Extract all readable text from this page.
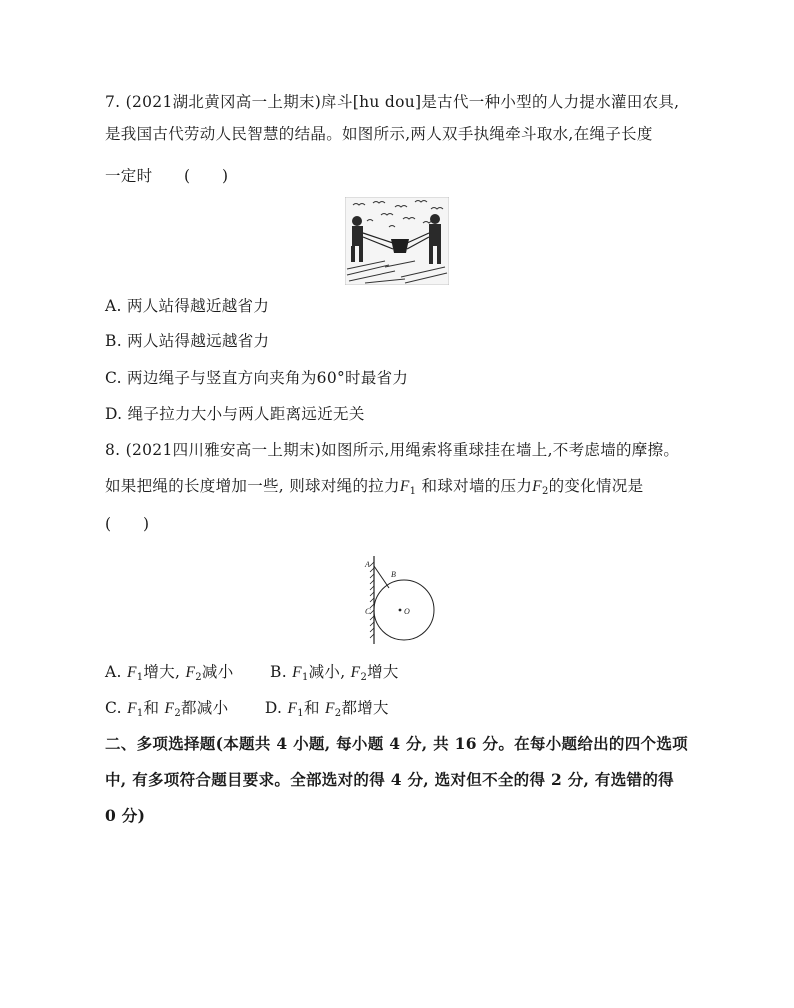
7. (2021湖北黄冈高一上期末)戽斗[hu dou]是古代一种小型的人力提水灌田农具,
是我国古代劳动人民智慧的结晶。如图所示,两人双手执绳牵斗取水,在绳子长度
一定时　　(　　)
A. 两人站得越近越省力
B. 两人站得越远越省力
C. 两边绳子与竖直方向夹角为60°时最省力
D. 绳子拉力大小与两人距离远近无关
8. (2021四川雅安高一上期末)如图所示,用绳索将重球挂在墙上,不考虑墙的摩擦。
如果把绳的长度增加一些, 则球对绳的拉力$F_1$ 和球对墙的压力$F_2$的变化情况是
(　　)
A
B
C	O
A. $F_1$增大, $F_2$减小 B. $F_1$减小, $F_2$增大
C. $F_1$和 $F_2$都减小 D. $F_1$和 $F_2$都增大
二、多项选择题(本题共 4 小题, 每小题 4 分, 共 16 分。在每小题给出的四个选项
中, 有多项符合题目要求。全部选对的得 4 分, 选对但不全的得 2 分, 有选错的得
0 分)
